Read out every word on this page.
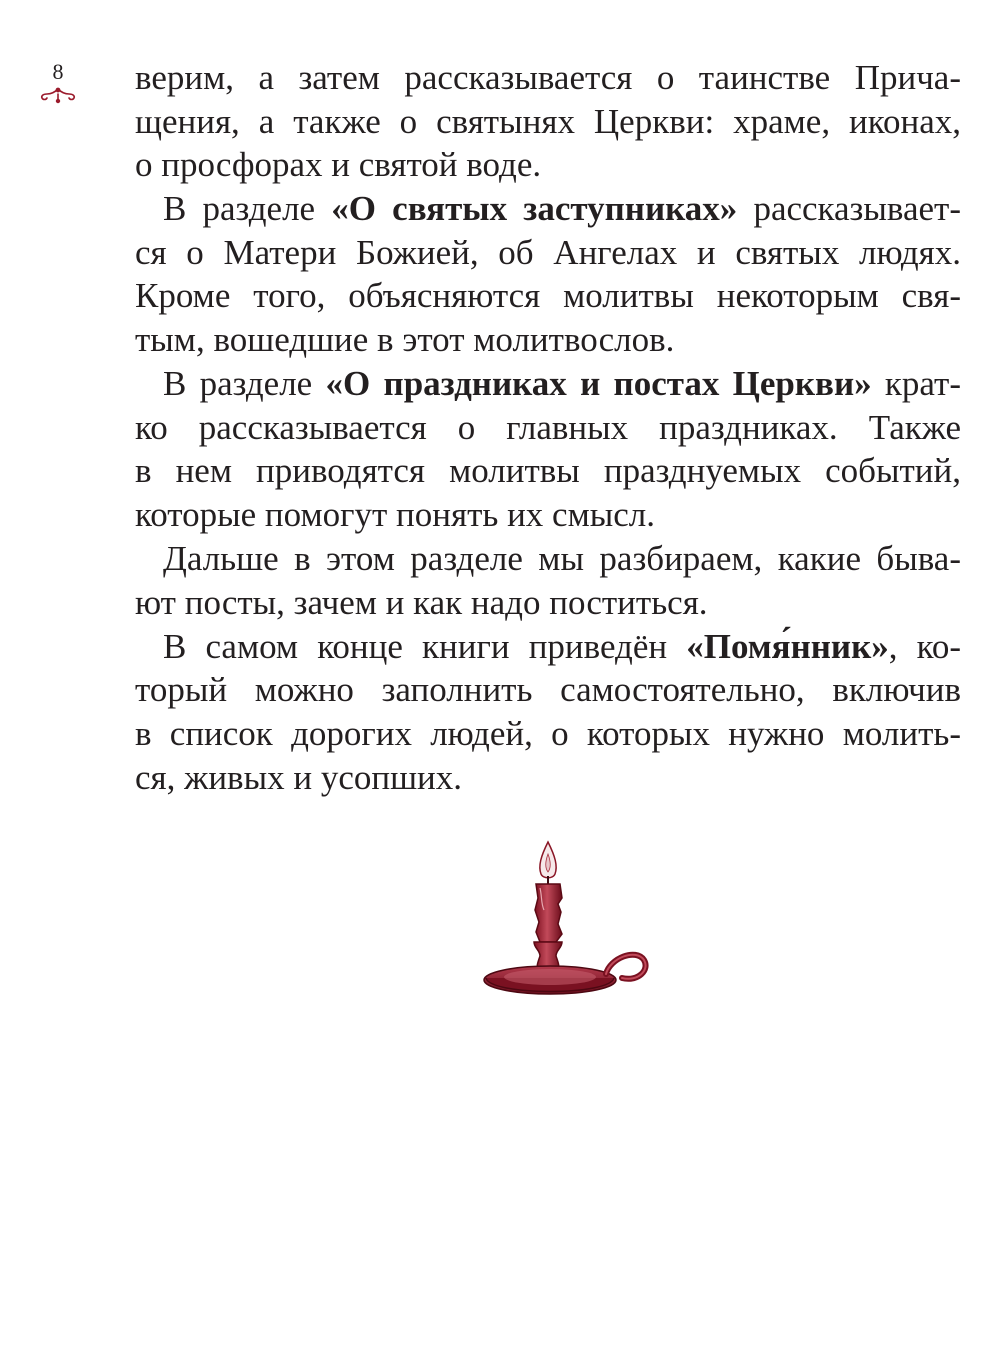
8	верим, а затем рассказывается о таинстве Прича-
щения, а также о святынях Церкви: храме, иконах,
о просфорах и святой воде.
В разделе «О святых заступниках» рассказывает-
ся о Матери Божией, об Ангелах и святых людях.
Кроме того, объясняются молитвы некоторым свя-
тым, вошедшие в этот молитвослов.
В разделе «О праздниках и постах Церкви» крат-
ко рассказывается о главных праздниках. Также
в нем приводятся молитвы празднуемых событий,
которые помогут понять их смысл.
Дальше в этом разделе мы разбираем, какие быва-
ют посты, зачем и как надо поститься.
В самом конце книги приведён «Помя́нник», ко-
торый можно заполнить самостоятельно, включив
в список дорогих людей, о которых нужно молить-
ся, живых и усопших.
